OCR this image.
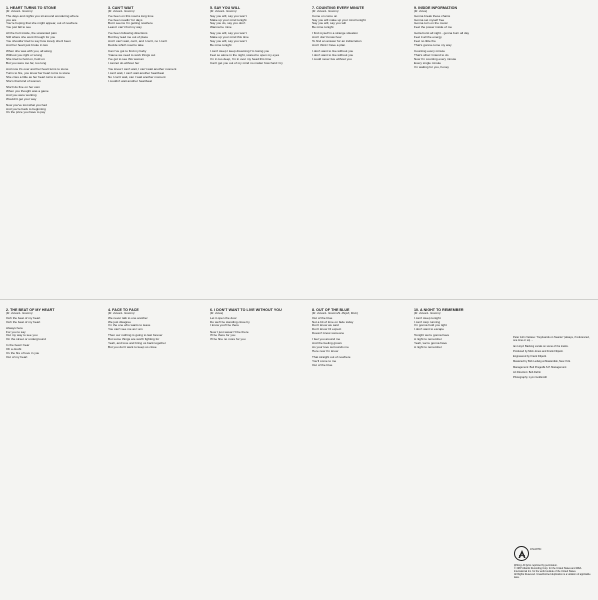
1. HEART TURNS TO STONE
(M. Jones/L. Gramm)
The days and nights you sit around wondering where
you are
You're hoping that she might appear, out of nowhere
You just fall to see
All the hurt inside, the unwanted pain
Still where she went through for you
You shoulda' tried to say how lonely she'd been
And her heart just broke in two
When she was with you, all along
Without you right or wrong
She tried to hold on, hold on
But you were too far, too long
And now it's over and her heart turns to stone
Turns to fire, you know her heart turns to stone
She cries a little as her heart turns to stone
She's that kind of woman
She'll do fine on her own
When you thought was a game
And you were working
Wouldn't get your way
Now you've lost what you had
And you're back to beginning
It's the price you have to pay
2. THE BEAT OF MY HEART
(M. Jones/L. Gramm)
Ooh the beat of my heart
Ooh the beat of my heart
Always here
For you to say
Out my way to see you
On the street or underground
In the beat I hear
Oh a doubt
It's the fire of love in you
Out of my heart
3. CAN'T WAIT
(M. Jones/L. Gramm)
I've been on this road a long time
I've been readin' for days
But it seems I'm getting nowhere
Least I can't find my way
I've been following directions
But they lead me out of place
And I can't wait, can't, and I can't, no I can't
Decide which road to take
Can I've got to find my baby
'Cause we need to work things out
I've got to see this woman
I cannot do without her
You know I can't wait, I can't wait another moment
I can't wait, I can't wait another heartbeat
No I can't wait, can I wait another moment
I couldn't wait another heartbeat
4. FACE TO FACE
(M. Jones/L. Gramm)
We never talk to one another
We just disagree
I'm the one who wants to leave
You can't see me as I am
Then our nothing is going to last forever
But some things are worth fighting for
Yeah, and love and bring us back together
But you don't want to keep us close
5. SAY YOU WILL
(M. Jones/L. Gramm)
Say you will, say you won't
Make up your mind tonight
Say you do, say you don't
Wanna be mine
Say you will, say you won't
Make up your mind this time
Say you will, say you won't
Be mine tonight
I can't sleep I keep dreaming I'm losing you
Feel so alone in the night, scared to open my eyes
I'm in too deep, I'm in over my head this time
Can't get you out of my mind no matter how hard I try
6. I DON'T WANT TO LIVE WITHOUT YOU
(M. Jones)
Let it open the door
Do we'll be standing close by
I know you'll be there
Now I just swear I'll be there
I'll be there for you
I'll be fine no more for you
7. COUNTING EVERY MINUTE
(M. Jones/L. Gramm)
Come on come on
Say you will make up your mind tonight
Say you will, say you will
Be mine tonight
I find myself in a strange situation
And I don't know how
To find an answer for an indiscretion
And I think I have a plan
I don't want to live without you
I don't want to live without you
I could never live without you
8. OUT OF THE BLUE
(M. Jones/L. Gramm/S. Mirjeh, Mom)
Out of the blue
Not a bit of time on fade today
Don't know we said
Don't know I'd expect
Doesn't know someone
I feel you around me
And the feeling grows
As your love surrounds me
Here now I'm know
That straight out of nowhere
You'll come to me
Out of the blue
9. INSIDE INFORMATION
(M. Jones)
Gonna break these chains
Gonna set myself free
Gonna turn on the music
Feel the power inside of me
Gotta burst all night - gonna burn all day
Feel it all the energy
Feel no little fire
That's gonna come my way
Counting every minute
That's what I intend to do
Now I'm counting every minute
Every single minute
I'm waiting for you, honey
10. A NIGHT TO REMEMBER
(M. Jones/L. Gramm)
I can't sleep tonight
I can't stop running
I'm gonna hold you tight
I don't want to escape
Tonight we're gonna have
A night to remember
Yeah, we're gonna have
A night to remember

Peter John Vettese: "Keyboards on Swanie" (always, if referenced, one time or so) ...

Ian Lloyd: Backing vocals on some of the tracks.

Produced by Mick Jones and Frank Filipetti.

Engineered by Frank Filipetti.

Mastered by Bob Ludwig at Masterdisk, New York.

Management: Bud Prager/E.S.P. Management

Art Direction: Bob Defrin

Photography: Lynn Goldsmith

ATLANTIC
Writing: All lyrics reprinted by permission.
© 1987 Atlantic Recording Corp. for the United States and WEA International Inc. for the world outside of the United States.
All Rights Reserved. Unauthorized duplication is a violation of applicable laws.
